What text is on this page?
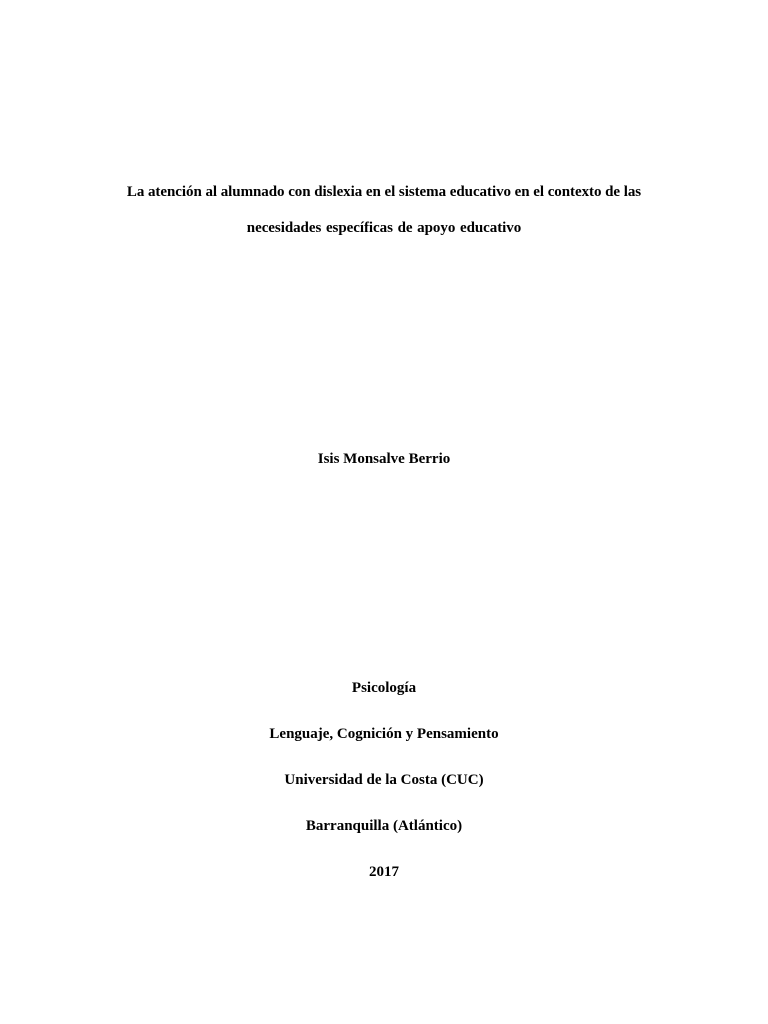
La atención al alumnado con dislexia en el sistema educativo en el contexto de las
necesidades específicas de apoyo educativo
Isis Monsalve Berrio
Psicología
Lenguaje, Cognición y Pensamiento
Universidad de la Costa (CUC)
Barranquilla (Atlántico)
2017
